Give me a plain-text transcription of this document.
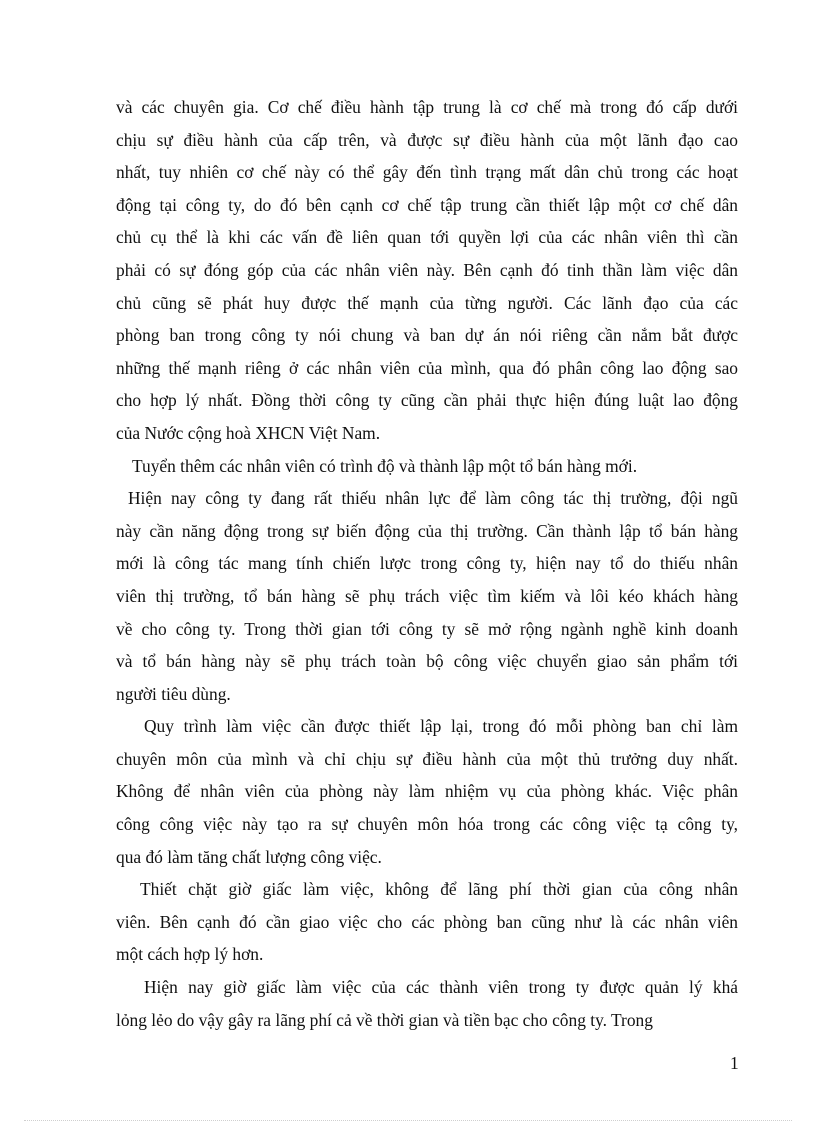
và các chuyên gia. Cơ chế điều hành tập trung là cơ chế mà trong đó cấp dưới
chịu sự điều hành của cấp trên, và được sự điều hành của một lãnh đạo cao
nhất, tuy nhiên cơ chế này có thể gây đến tình trạng mất dân chủ trong các hoạt
động tại công ty, do đó bên cạnh cơ chế tập trung cần thiết lập một cơ chế dân
chủ cụ thể là khi các vấn đề liên quan tới quyền lợi của các nhân viên thì cần
phải có sự đóng góp của các nhân viên này. Bên cạnh đó tinh thần làm việc dân
chủ cũng sẽ phát huy được thế mạnh của từng người. Các lãnh đạo của các
phòng ban trong công ty nói chung và ban dự án nói riêng cần nắm bắt được
những thế mạnh riêng ở các nhân viên của mình, qua đó phân công lao động sao
cho hợp lý nhất. Đồng thời công ty cũng cần phải thực hiện đúng luật lao động
của Nước cộng hoà XHCN Việt Nam.
Tuyển thêm các nhân viên có trình độ và thành lập một tổ bán hàng mới.
Hiện nay công ty đang rất thiếu nhân lực để làm công tác thị trường, đội ngũ
này cần năng động trong sự biến động của thị trường. Cần thành lập tổ bán hàng
mới là công tác mang tính chiến lược trong công ty, hiện nay tổ do thiếu nhân
viên thị trường, tổ bán hàng sẽ phụ trách việc tìm kiếm và lôi kéo khách hàng
về cho công ty. Trong thời gian tới công ty sẽ mở rộng ngành nghề kinh doanh
và tổ bán hàng này sẽ phụ trách toàn bộ công việc chuyển giao sản phẩm tới
người tiêu dùng.
Quy trình làm việc cần được thiết lập lại, trong đó mỗi phòng ban chỉ làm
chuyên môn của mình và chỉ chịu sự điều hành của một thủ trưởng duy nhất.
Không để nhân viên của phòng này làm nhiệm vụ của phòng khác. Việc phân
công công việc này tạo ra sự chuyên môn hóa trong các công việc tạ công ty,
qua đó làm tăng chất lượng công việc.
Thiết chặt giờ giấc làm việc, không để lãng phí thời gian của công nhân
viên. Bên cạnh đó cần giao việc cho các phòng ban cũng như là các nhân viên
một cách hợp lý hơn.
Hiện nay giờ giấc làm việc của các thành viên trong ty được quản lý khá
lỏng lẻo do vậy gây ra lãng phí cả về thời gian và tiền bạc cho công ty. Trong
1
